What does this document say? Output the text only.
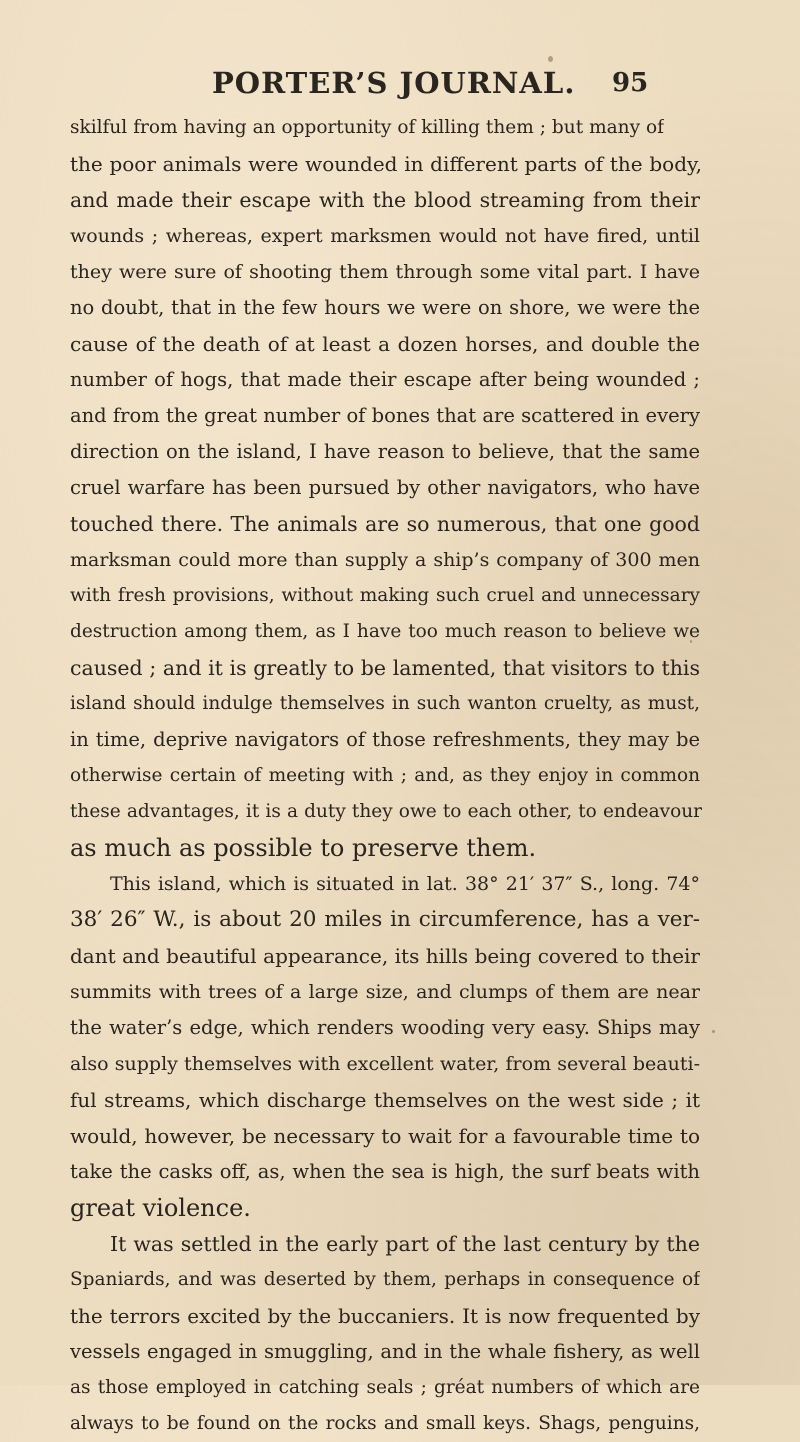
PORTER’S JOURNAL. 95
skilful from having an opportunity of killing them ; but many of
the poor animals were wounded in different parts of the body,
and made their escape with the blood streaming from their
wounds ; whereas, expert marksmen would not have fired, until
they were sure of shooting them through some vital part. I have
no doubt, that in the few hours we were on shore, we were the
cause of the death of at least a dozen horses, and double the
number of hogs, that made their escape after being wounded ;
and from the great number of bones that are scattered in every
direction on the island, I have reason to believe, that the same
cruel warfare has been pursued by other navigators, who have
touched there. The animals are so numerous, that one good
marksman could more than supply a ship’s company of 300 men
with fresh provisions, without making such cruel and unnecessary
destruction among them, as I have too much reason to believe we
caused ; and it is greatly to be lamented, that visitors to this
island should indulge themselves in such wanton cruelty, as must,
in time, deprive navigators of those refreshments, they may be
otherwise certain of meeting with ; and, as they enjoy in common
these advantages, it is a duty they owe to each other, to endeavour
as much as possible to preserve them.
This island, which is situated in lat. 38° 21′ 37″ S., long. 74°
38′ 26″ W., is about 20 miles in circumference, has a ver-
dant and beautiful appearance, its hills being covered to their
summits with trees of a large size, and clumps of them are near
the water’s edge, which renders wooding very easy. Ships may
also supply themselves with excellent water, from several beauti-
ful streams, which discharge themselves on the west side ; it
would, however, be necessary to wait for a favourable time to
take the casks off, as, when the sea is high, the surf beats with
great violence.
It was settled in the early part of the last century by the
Spaniards, and was deserted by them, perhaps in consequence of
the terrors excited by the buccaniers. It is now frequented by
vessels engaged in smuggling, and in the whale fishery, as well
as those employed in catching seals ; gréat numbers of which are
always to be found on the rocks and small keys. Shags, penguins,
